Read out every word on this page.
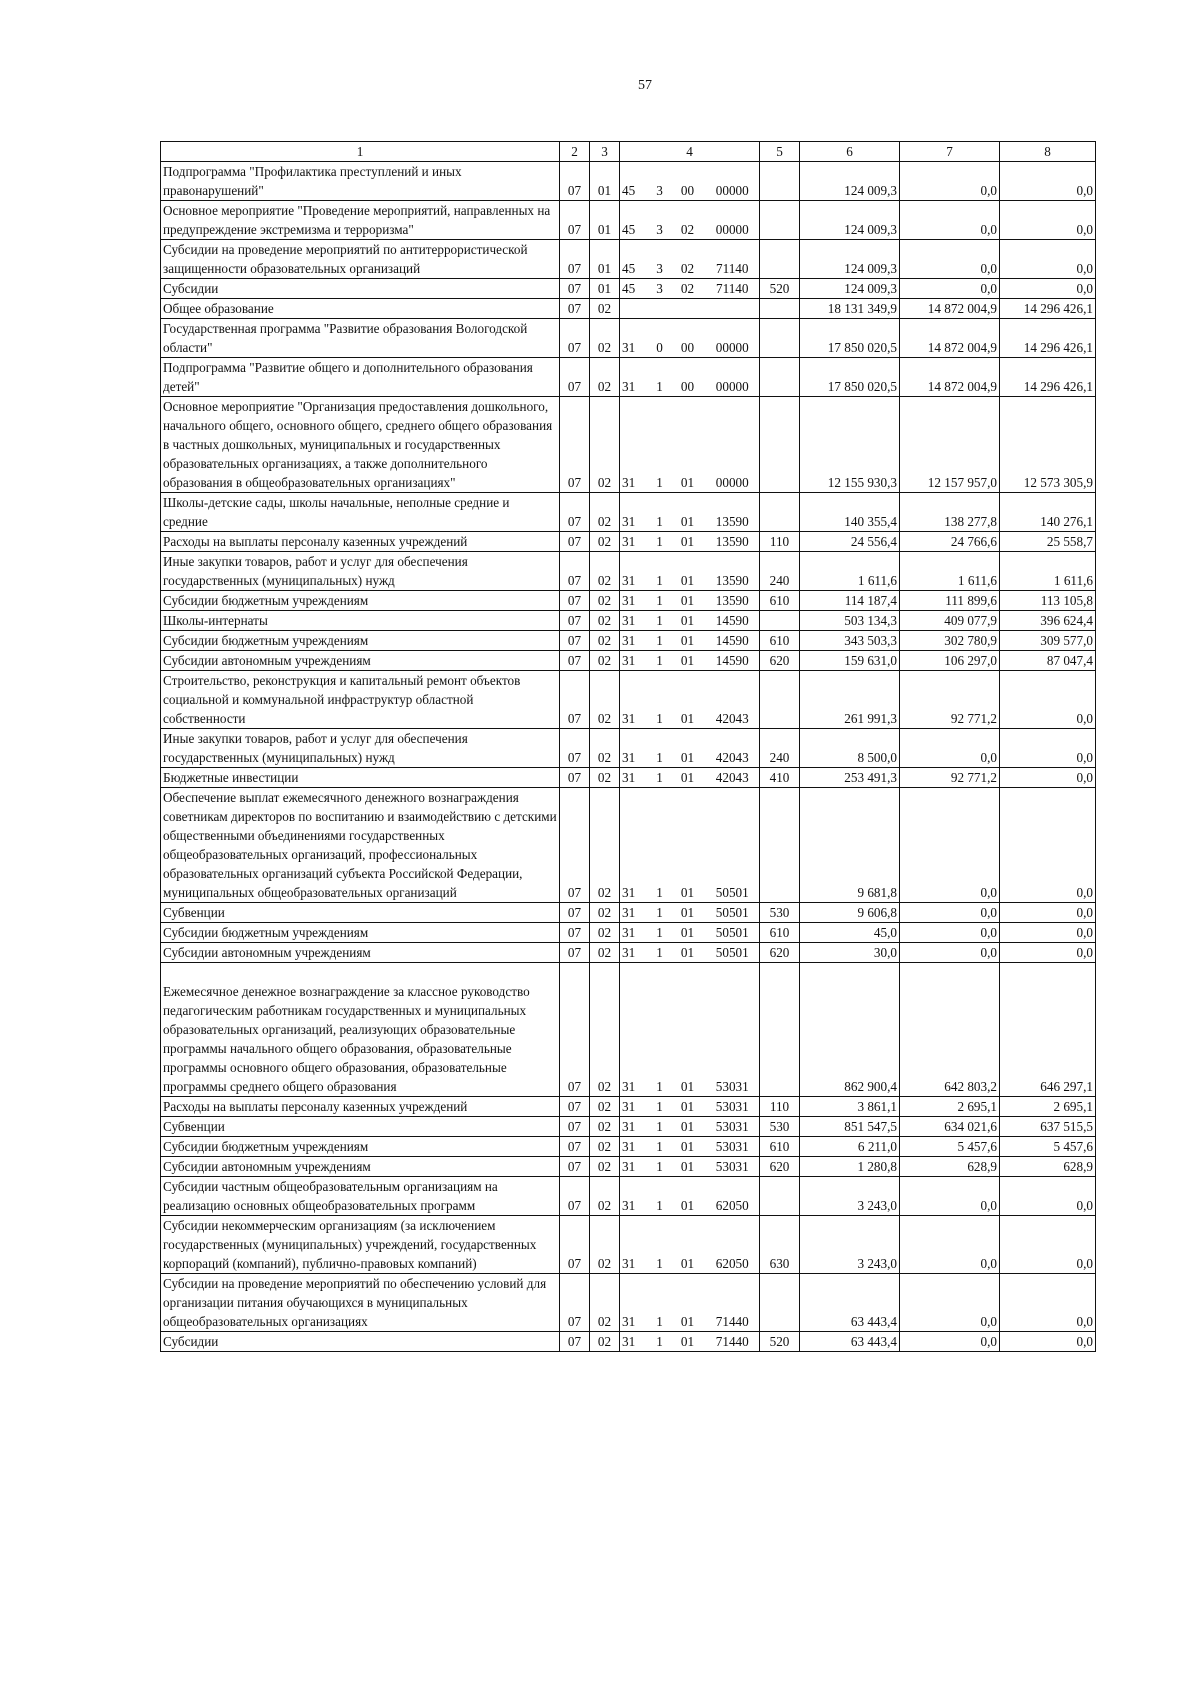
57
1	2	3	4				5	6	7	8
Подпрограмма "Профилактика преступлений и иных правонарушений"	07	01	45	3	00	00000		124 009,3	0,0	0,0
Основное мероприятие "Проведение мероприятий, направленных на предупреждение экстремизма и терроризма"	07	01	45	3	02	00000		124 009,3	0,0	0,0
Субсидии на проведение мероприятий по антитеррористической защищенности образовательных организаций	07	01	45	3	02	71140		124 009,3	0,0	0,0
Субсидии	07	01	45	3	02	71140	520	124 009,3	0,0	0,0
Общее образование	07	02						18 131 349,9	14 872 004,9	14 296 426,1
Государственная программа "Развитие образования Вологодской области"	07	02	31	0	00	00000		17 850 020,5	14 872 004,9	14 296 426,1
Подпрограмма "Развитие общего и дополнительного образования детей"	07	02	31	1	00	00000		17 850 020,5	14 872 004,9	14 296 426,1
Основное мероприятие "Организация предоставления дошкольного, начального общего, основного общего, среднего общего образования в частных дошкольных, муниципальных и государственных образовательных организациях, а также дополнительного образования в общеобразовательных организациях"	07	02	31	1	01	00000		12 155 930,3	12 157 957,0	12 573 305,9
Школы-детские сады, школы начальные, неполные средние и средние	07	02	31	1	01	13590		140 355,4	138 277,8	140 276,1
Расходы на выплаты персоналу казенных учреждений	07	02	31	1	01	13590	110	24 556,4	24 766,6	25 558,7
Иные закупки товаров, работ и услуг для обеспечения государственных (муниципальных) нужд	07	02	31	1	01	13590	240	1 611,6	1 611,6	1 611,6
Субсидии бюджетным учреждениям	07	02	31	1	01	13590	610	114 187,4	111 899,6	113 105,8
Школы-интернаты	07	02	31	1	01	14590		503 134,3	409 077,9	396 624,4
Субсидии бюджетным учреждениям	07	02	31	1	01	14590	610	343 503,3	302 780,9	309 577,0
Субсидии автономным учреждениям	07	02	31	1	01	14590	620	159 631,0	106 297,0	87 047,4
Строительство, реконструкция и капитальный ремонт объектов социальной и коммунальной инфраструктур областной собственности	07	02	31	1	01	42043		261 991,3	92 771,2	0,0
Иные закупки товаров, работ и услуг для обеспечения государственных (муниципальных) нужд	07	02	31	1	01	42043	240	8 500,0	0,0	0,0
Бюджетные инвестиции	07	02	31	1	01	42043	410	253 491,3	92 771,2	0,0
Обеспечение выплат ежемесячного денежного вознаграждения советникам директоров по воспитанию и взаимодействию с детскими общественными объединениями государственных общеобразовательных организаций, профессиональных образовательных организаций субъекта Российской Федерации, муниципальных общеобразовательных организаций	07	02	31	1	01	50501		9 681,8	0,0	0,0
Субвенции	07	02	31	1	01	50501	530	9 606,8	0,0	0,0
Субсидии бюджетным учреждениям	07	02	31	1	01	50501	610	45,0	0,0	0,0
Субсидии автономным учреждениям	07	02	31	1	01	50501	620	30,0	0,0	0,0
Ежемесячное денежное вознаграждение за классное руководство педагогическим работникам государственных и муниципальных образовательных организаций, реализующих образовательные программы начального общего образования, образовательные программы основного общего образования, образовательные программы среднего общего образования	07	02	31	1	01	53031		862 900,4	642 803,2	646 297,1
Расходы на выплаты персоналу казенных учреждений	07	02	31	1	01	53031	110	3 861,1	2 695,1	2 695,1
Субвенции	07	02	31	1	01	53031	530	851 547,5	634 021,6	637 515,5
Субсидии бюджетным учреждениям	07	02	31	1	01	53031	610	6 211,0	5 457,6	5 457,6
Субсидии автономным учреждениям	07	02	31	1	01	53031	620	1 280,8	628,9	628,9
Субсидии частным общеобразовательным организациям на реализацию основных общеобразовательных программ	07	02	31	1	01	62050		3 243,0	0,0	0,0
Субсидии некоммерческим организациям (за исключением государственных (муниципальных) учреждений, государственных корпораций (компаний), публично-правовых компаний)	07	02	31	1	01	62050	630	3 243,0	0,0	0,0
Субсидии на проведение мероприятий по обеспечению условий для организации питания обучающихся в муниципальных общеобразовательных организациях	07	02	31	1	01	71440		63 443,4	0,0	0,0
Субсидии	07	02	31	1	01	71440	520	63 443,4	0,0	0,0
